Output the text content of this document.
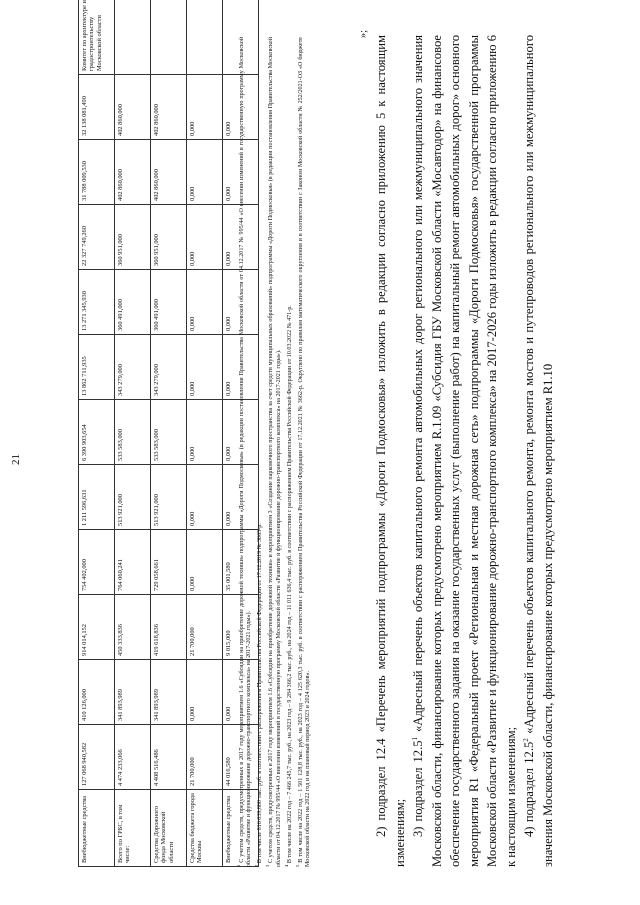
21
Внебюджетные средства	127 068 940,582	410 126,000	914 014,152	754 402,000	1 211 596,631	6 390 903,654	13 862 711,935	13 271 345,930	22 327 749,260	31 788 009,530	32 138 081,490	Комитет по архитектуре и градостроительству Московской области
Всего по ГРБС, в том числе:	4 474 233,066	341 893,989	450 333,836	764 060,241	513 921,000	533 583,000	343 279,000	360 491,000	360 951,000	402 860,000	402 860,000	
Средства Дорожного фонда Московской области	4 408 516,486	341 893,989	419 618,836	729 058,661	513 921,000	533 583,000	343 279,000	360 491,000	360 951,000	402 860,000	402 860,000	
Средства бюджета города Москвы	21 700,000	0,000	21 700,000	0,000	0,000	0,000	0,000	0,000	0,000	0,000	0,000	
Внебюджетные средства	44 016,580	0,000	9 015,000	35 001,580	0,000	0,000	0,000	0,000	0,000	0,000	0,000	

$^1$ С учетом средств, предусмотренных в 2017 году мероприятием 1.6 «Субсидии на приобретение дорожной техники» подпрограммы «Дороги Подмосковья» (в редакции постановления Правительства Московской области от 04.12.2017 № 995/44 «О внесении изменений в государственную программу Московской области «Развитие и функционирование дорожно-транспортного комплекса» на 2017-2021 годы»). $^2$ В том числе 816 039,800 тыс. руб. в соответствии с распоряжением Правительства Российской Федерации от 17.12.2019 № 3065-р.

$^3$ С учетом средств, предусмотренных в 2017 году мероприятием 1.6 «Субсидии на приобретение дорожной техники» и мероприятием 3 «Создание парковочного пространства за счет средств муниципальных образований» подпрограммы «Дороги Подмосковья» (в редакции постановления Правительства Московской области от 04.12.2017 № 995/44 «О внесении изменений в государственную программу Московской области «Развитие и функционирование дорожно-транспортного комплекса» на 2017-2021 годы»). $^4$ В том числе на 2022 год – 7 466 245,7 тыс. руб., на 2023 год – 9 284 366,2 тыс. руб., на 2024 год – 11 011 636,4 тыс. руб. в соответствии с распоряжением Правительства Российской Федерации от 10.03.2022 № 471-р.

$^5$ В том числе на 2022 год – 1 501 128,8 тыс. руб., на 2023 год – 4 125 620,3 тыс. руб. в соответствии с распоряжением Правительства Российской Федерации от 17.12.2021 № 3662-р. Округлено по правилам математического округления и в соответствии с Законом Московской области № 252/2021-ОЗ «О бюджете Московской области на 2022 год и на плановый период 2023 и 2024 годов».

»;

2) подраздел 12.4 «Перечень мероприятий подпрограммы «Дороги Подмосковья» изложить в редакции согласно приложению 5 к настоящим изменениям; 3) подраздел 12.5$^1$ «Адресный перечень объектов капитального ремонта автомобильных дорог регионального или межмуниципального значения Московской области, финансирование которых предусмотрено мероприятием R.1.09 «Субсидия ГБУ Московской области «Мосавтодор» на финансовое обеспечение государственного задания на оказание государственных услуг (выполнение работ) на капитальный ремонт автомобильных дорог» основного мероприятия R1 «Федеральный проект «Региональная и местная дорожная сеть» подпрограммы «Дороги Подмосковья» государственной программы Московской области «Развитие и функционирование дорожно-транспортного комплекса» на 2017-2026 годы изложить в редакции согласно приложению 6 к настоящим изменениям; 4) подраздел 12.5$^2$ «Адресный перечень объектов капитального ремонта, ремонта мостов и путепроводов регионального или межмуниципального значения Московской области, финансирование которых предусмотрено мероприятием R1.10
